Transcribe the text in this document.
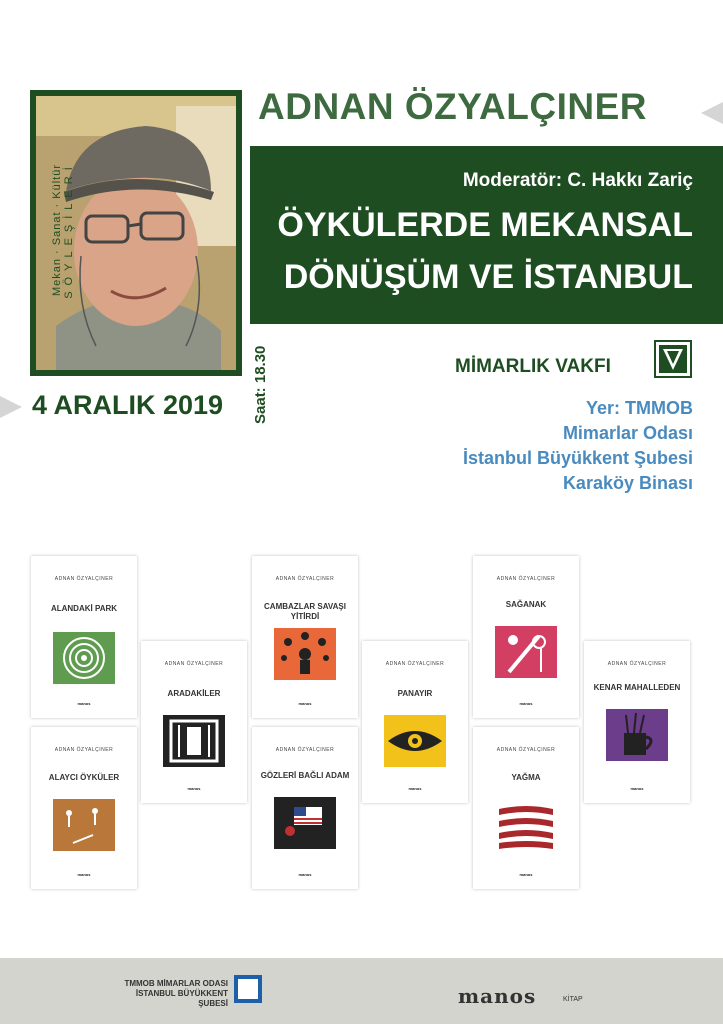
Mekan · Sanat · Kültür SÖYLEŞİLERİ
ADNAN ÖZYALÇINER
Moderatör: C. Hakkı Zariç
ÖYKÜLERDE MEKANSAL
DÖNÜŞÜM VE İSTANBUL
4 ARALIK 2019 Saat: 18.30	MİMARLIK VAKFI
Yer: TMMOB
Mimarlar Odası
İstanbul Büyükkent Şubesi
Karaköy Binası
ADNAN ÖZYALÇINER
ALANDAKİ PARK
manos
ADNAN ÖZYALÇINER
ARADAKİLER
manos
ADNAN ÖZYALÇINER
CAMBAZLAR SAVAŞI YİTİRDİ
manos
ADNAN ÖZYALÇINER
PANAYIR
manos
ADNAN ÖZYALÇINER
SAĞANAK
manos
ADNAN ÖZYALÇINER
KENAR MAHALLEDEN
manos
ADNAN ÖZYALÇINER
ALAYCI ÖYKÜLER
manos
ADNAN ÖZYALÇINER
GÖZLERİ BAĞLI ADAM
manos
ADNAN ÖZYALÇINER
YAĞMA
manos
TMMOB MİMARLAR ODASI
İSTANBUL BÜYÜKKENT ŞUBESİ	manos	KİTAP
